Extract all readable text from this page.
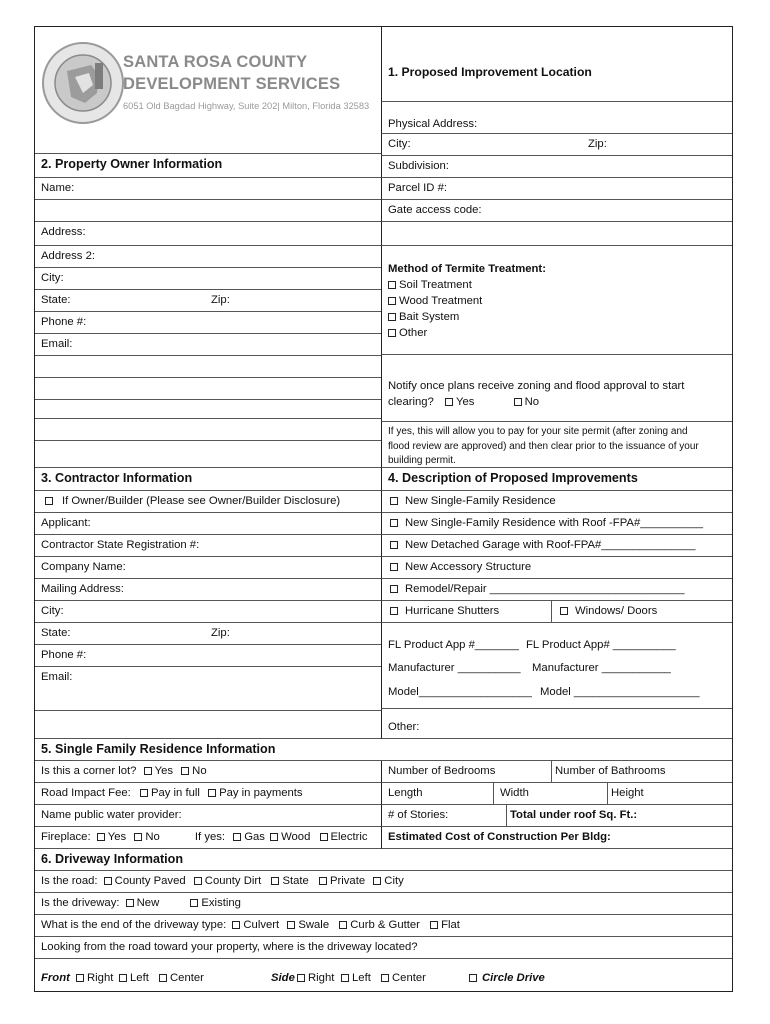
SANTA ROSA COUNTY
DEVELOPMENT SERVICES
6051 Old Bagdad Highway, Suite 202| Milton, Florida 32583
1. Proposed Improvement Location
Physical Address:
City:	Zip:
Subdivision:
Parcel ID #:
Gate access code:
Method of Termite Treatment:
Soil Treatment
Wood Treatment
Bait System
Other
Notify once plans receive zoning and flood approval to start
clearing? Yes	No
If yes, this will allow you to pay for your site permit (after zoning and
flood review are approved) and then clear prior to the issuance of your
building permit.
2. Property Owner Information
Name:
Address:
Address 2:
City:
State:	Zip:
Phone #:
Email:
3. Contractor Information	4. Description of Proposed Improvements
If Owner/Builder (Please see Owner/Builder Disclosure)
Applicant:
Contractor State Registration #:
Company Name:
Mailing Address:
City:
State:	Zip:
Phone #:
Email:
New Single-Family Residence
New Single-Family Residence with Roof -FPA#__________
New Detached Garage with Roof-FPA#_______________
New Accessory Structure
Remodel/Repair _______________________________
Hurricane Shutters	Windows/ Doors
FL Product App #_______ FL Product App# __________
Manufacturer __________ Manufacturer ___________
Model__________________ Model ____________________
Other:
5. Single Family Residence Information
Is this a corner lot? Yes No	Number of Bedrooms	Number of Bathrooms
Road Impact Fee: Pay in full Pay in payments	Length	Width	Height
Name public water provider:	# of Stories:	Total under roof Sq. Ft.:
Fireplace: Yes No	If yes: Gas Wood Electric	Estimated Cost of Construction Per Bldg:
6. Driveway Information
Is the road: County Paved County Dirt State Private City
Is the driveway: New	Existing
What is the end of the driveway type: Culvert Swale Curb & Gutter Flat
Looking from the road toward your property, where is the driveway located?
Front	Right	Left	Center	Side	Right	Left	Center	Circle Drive
